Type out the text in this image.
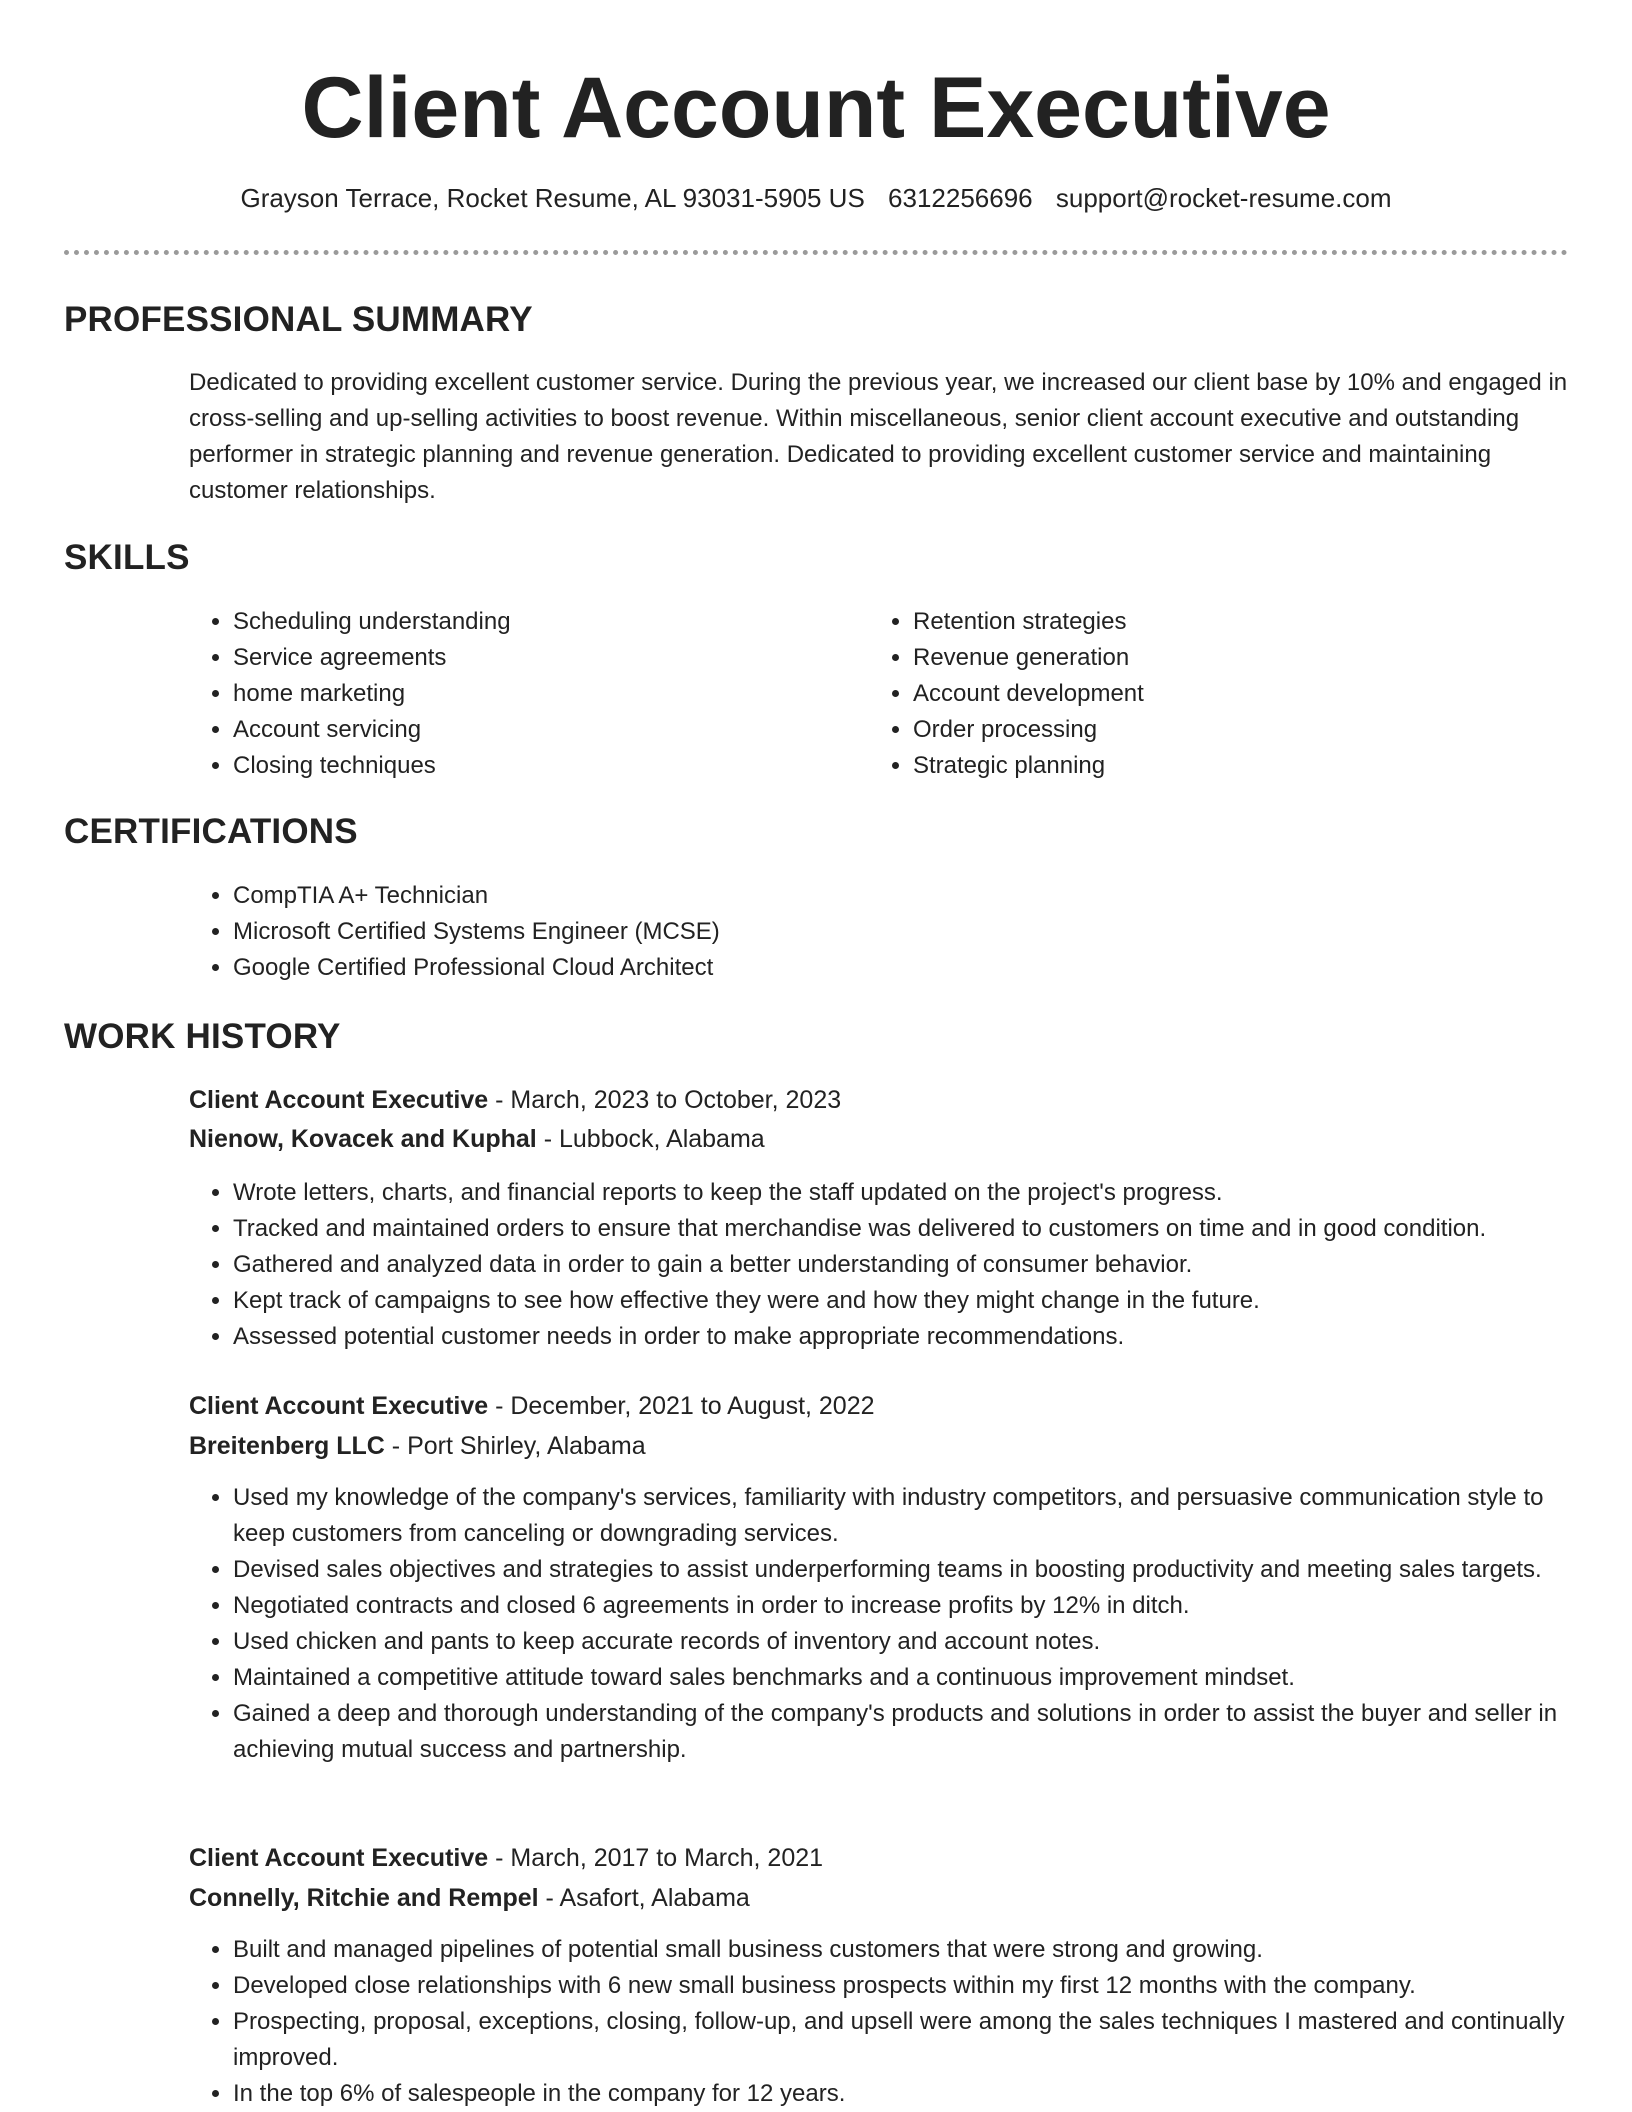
Client Account Executive
Grayson Terrace, Rocket Resume, AL 93031-5905 US 6312256696 support@rocket-resume.com
PROFESSIONAL SUMMARY
Dedicated to providing excellent customer service. During the previous year, we increased our client base by 10% and engaged in cross-selling and up-selling activities to boost revenue. Within miscellaneous, senior client account executive and outstanding performer in strategic planning and revenue generation. Dedicated to providing excellent customer service and maintaining customer relationships.
SKILLS
• Scheduling understanding
• Service agreements
• home marketing
• Account servicing
• Closing techniques
• Retention strategies
• Revenue generation
• Account development
• Order processing
• Strategic planning
CERTIFICATIONS
• CompTIA A+ Technician
• Microsoft Certified Systems Engineer (MCSE)
• Google Certified Professional Cloud Architect
WORK HISTORY
Client Account Executive - March, 2023 to October, 2023
Nienow, Kovacek and Kuphal - Lubbock, Alabama
• Wrote letters, charts, and financial reports to keep the staff updated on the project's progress.
• Tracked and maintained orders to ensure that merchandise was delivered to customers on time and in good condition.
• Gathered and analyzed data in order to gain a better understanding of consumer behavior.
• Kept track of campaigns to see how effective they were and how they might change in the future.
• Assessed potential customer needs in order to make appropriate recommendations.
Client Account Executive - December, 2021 to August, 2022
Breitenberg LLC - Port Shirley, Alabama
• Used my knowledge of the company's services, familiarity with industry competitors, and persuasive communication style to keep customers from canceling or downgrading services.
• Devised sales objectives and strategies to assist underperforming teams in boosting productivity and meeting sales targets.
• Negotiated contracts and closed 6 agreements in order to increase profits by 12% in ditch.
• Used chicken and pants to keep accurate records of inventory and account notes.
• Maintained a competitive attitude toward sales benchmarks and a continuous improvement mindset.
• Gained a deep and thorough understanding of the company's products and solutions in order to assist the buyer and seller in achieving mutual success and partnership.
Client Account Executive - March, 2017 to March, 2021
Connelly, Ritchie and Rempel - Asafort, Alabama
• Built and managed pipelines of potential small business customers that were strong and growing.
• Developed close relationships with 6 new small business prospects within my first 12 months with the company.
• Prospecting, proposal, exceptions, closing, follow-up, and upsell were among the sales techniques I mastered and continually improved.
• In the top 6% of salespeople in the company for 12 years.
